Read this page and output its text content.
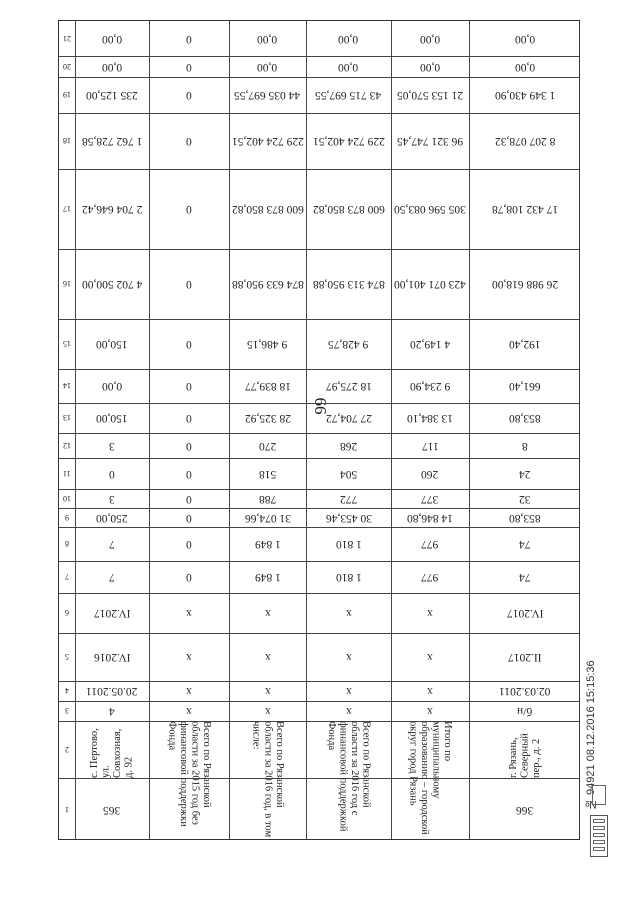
66
1
2
3
4
5
6
7
8
9
10
11
12
13
14
15
16
17
18
19
20
21
365
с. Пертово, ул. Совхозная, д. 92
4
20.05.2011
IV.2016
IV.2017
7
7
250,00
3
0
3
150,00
0,00
150,00
4 702 500,00
2 704 646,42
1 762 728,58
235 125,00
0,00
0,00
Всего по Рязанской области за 2015 год без финансовой поддержки Фонда
х
х
х
х
0
0
0
0
0
0
0
0
0
0
0
0
0
0
0
Всего по Рязанской области за 2016 год, в том числе:
х
х
х
х
1 849
1 849
31 074,66
788
518
270
28 325,92
18 839,77
9 486,15
874 633 950,88
600 873 850,82
229 724 402,51
44 035 697,55
0,00
0,00
Всего по Рязанской области за 2016 год с финансовой поддержкой Фонда
х
х
х
х
1 810
1 810
30 453,46
772
504
268
27 704,72
18 275,97
9 428,75
874 313 950,88
600 873 850,82
229 724 402,51
43 715 697,55
0,00
0,00
Итого по муниципальному образованию – городской округ город Рязань
х
х
х
х
977
977
14 846,80
377
260
117
13 384,10
9 234,90
4 149,20
423 071 401,00
305 596 083,50
96 321 747,45
21 153 570,05
0,00
0,00
366
г. Рязань, Северный пер., д. 2
б/н
02.03.2011
II.2017
IV.2017
74
74
853,80
32
24
8
853,80
661,40
192,40
26 988 618,00
17 432 108,78
8 207 078,32
1 349 430,90
0,00
0,00
№ 94921 08.12.2016 15:15:36
